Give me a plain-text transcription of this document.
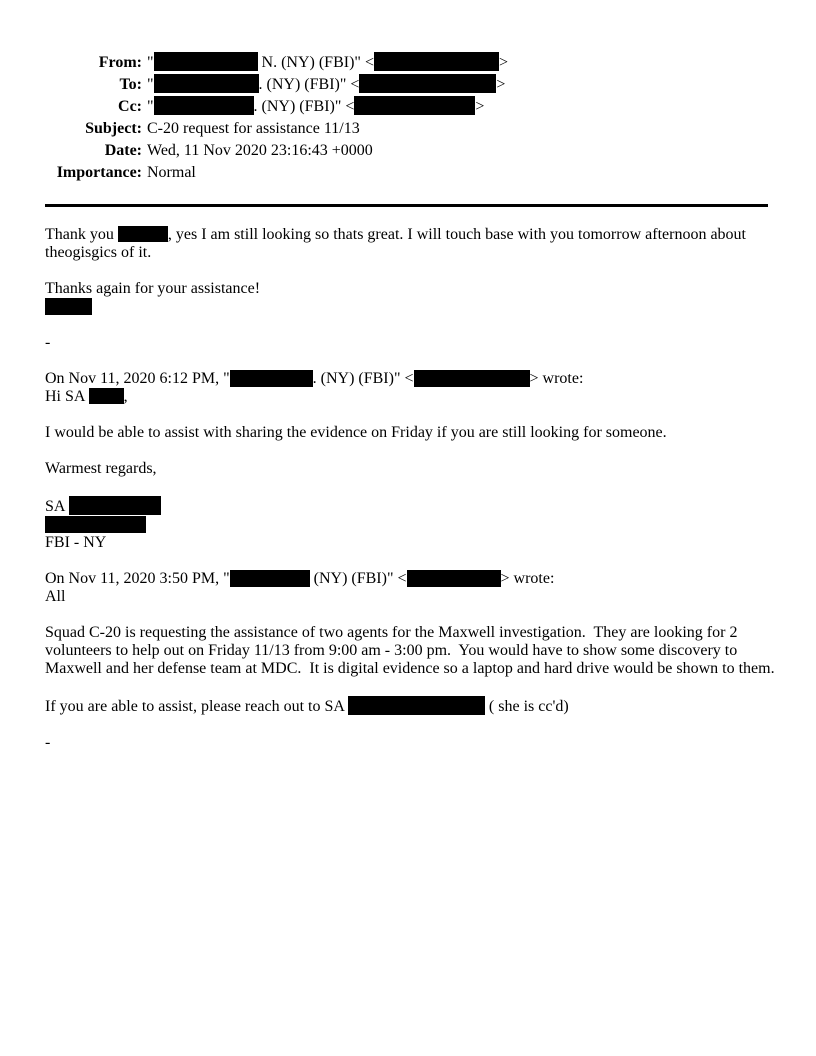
From: "	N. (NY) (FBI)" <	>
To: "	. (NY) (FBI)" <	>
Cc: "	. (NY) (FBI)" <	>
Subject: C-20 request for assistance 11/13
Date: Wed, 11 Nov 2020 23:16:43 +0000
Importance: Normal

Thank you	, yes I am still looking so thats great. I will touch base with you tomorrow afternoon about theogisgics of it.

Thanks again for your assistance!

-

On Nov 11, 2020 6:12 PM, "	. (NY) (FBI)" <	> wrote:
Hi SA ,

I would be able to assist with sharing the evidence on Friday if you are still looking for someone.

Warmest regards,

SA

FBI - NY

On Nov 11, 2020 3:50 PM, "	(NY) (FBI)" <	> wrote:
All

Squad C-20 is requesting the assistance of two agents for the Maxwell investigation.  They are looking for 2 volunteers to help out on Friday 11/13 from 9:00 am - 3:00 pm.  You would have to show some discovery to Maxwell and her defense team at MDC.  It is digital evidence so a laptop and hard drive would be shown to them.

If you are able to assist, please reach out to SA	( she is cc'd)

-
